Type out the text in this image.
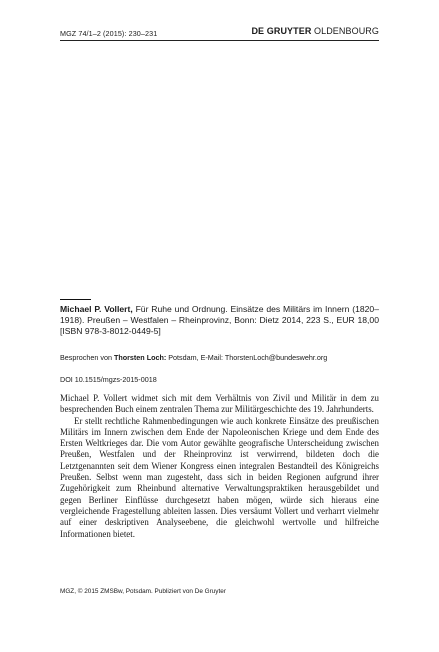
MGZ 74/1–2 (2015): 230–231	DE GRUYTER OLDENBOURG
Michael P. Vollert, Für Ruhe und Ordnung. Einsätze des Militärs im Innern (1820–1918). Preußen – Westfalen – Rheinprovinz, Bonn: Dietz 2014, 223 S., EUR 18,00 [ISBN 978-3-8012-0449-5]
Besprochen von Thorsten Loch: Potsdam, E-Mail: ThorstenLoch@bundeswehr.org
DOI 10.1515/mgzs-2015-0018

Michael P. Vollert widmet sich mit dem Verhältnis von Zivil und Militär in dem zu besprechenden Buch einem zentralen Thema zur Militärgeschichte des 19. Jahrhunderts.

Er stellt rechtliche Rahmenbedingungen wie auch konkrete Einsätze des preußischen Militärs im Innern zwischen dem Ende der Napoleonischen Kriege und dem Ende des Ersten Weltkrieges dar. Die vom Autor gewählte geografische Unterscheidung zwischen Preußen, Westfalen und der Rheinprovinz ist verwirrend, bildeten doch die Letztgenannten seit dem Wiener Kongress einen integralen Bestandteil des Königreichs Preußen. Selbst wenn man zugesteht, dass sich in beiden Regionen aufgrund ihrer Zugehörigkeit zum Rheinbund alternative Verwaltungspraktiken herausgebildet und gegen Berliner Einflüsse durchgesetzt haben mögen, würde sich hieraus eine vergleichende Fragestellung ableiten lassen. Dies versäumt Vollert und verharrt vielmehr auf einer deskriptiven Analyseebene, die gleichwohl wertvolle und hilfreiche Informationen bietet.

MGZ, © 2015 ZMSBw, Potsdam. Publiziert von De Gruyter
